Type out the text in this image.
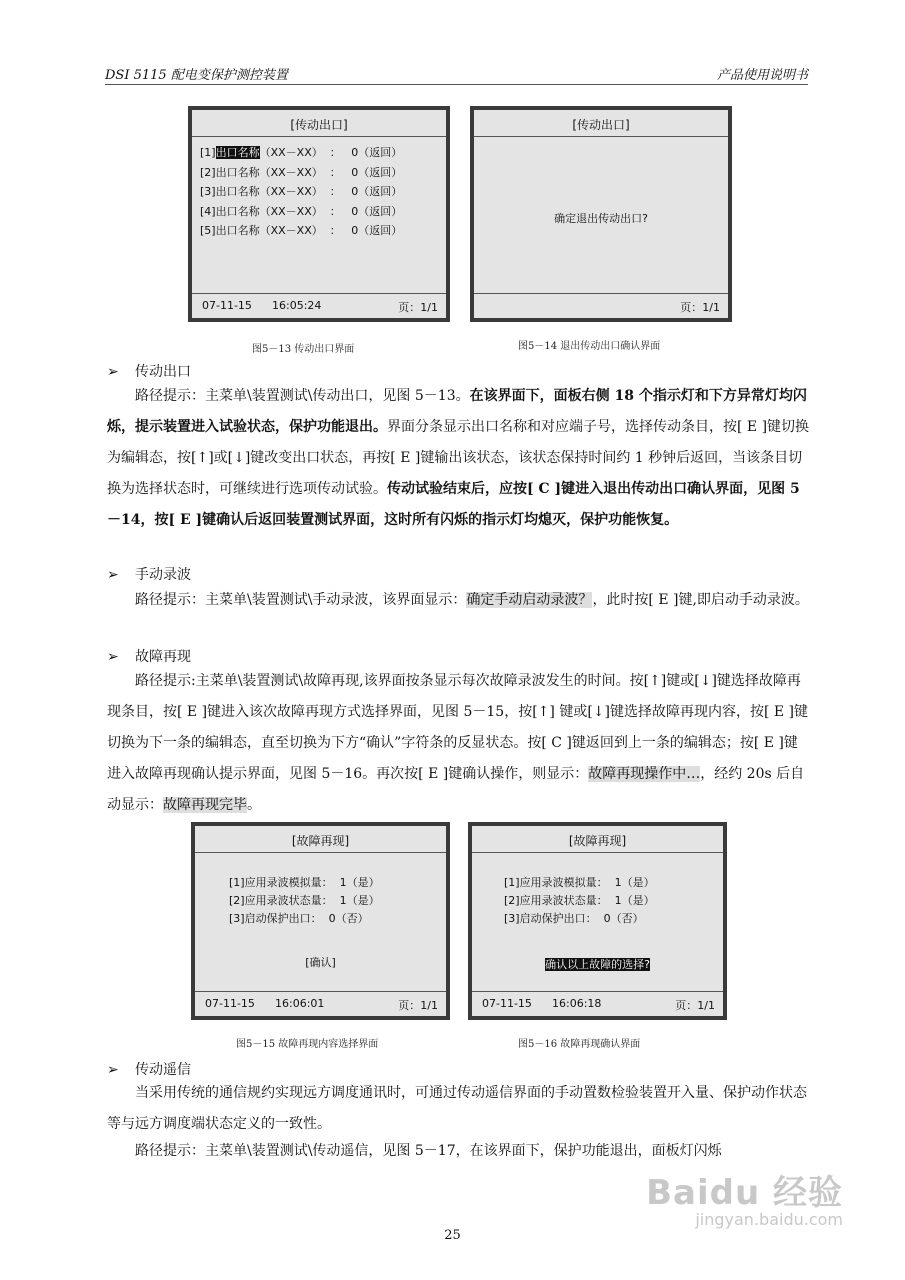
DSI 5115 配电变保护测控装置	产品使用说明书
[传动出口]
[1]出口名称（XX－XX）  ：   0（返回）
[2]出口名称（XX－XX）  ：   0（返回）
[3]出口名称（XX－XX）  ：   0（返回）
[4]出口名称（XX－XX）  ：   0（返回）
[5]出口名称（XX－XX）  ：   0（返回）
07-11-15 16:05:24	页：1/1
图5－13 传动出口界面
[传动出口]
确定退出传动出口?
页：1/1
图5－14 退出传动出口确认界面
➢ 传动出口

路径提示：主菜单\装置测试\传动出口，见图 5－13。在该界面下，面板右侧 18 个指示灯和下方异常灯均闪烁，提示装置进入试验状态，保护功能退出。界面分条显示出口名称和对应端子号，选择传动条目，按[ E ]键切换为编辑态，按[↑]或[↓]键改变出口状态，再按[ E ]键输出该状态，该状态保持时间约 1 秒钟后返回，当该条目切换为选择状态时，可继续进行选项传动试验。传动试验结束后，应按[ C ]键进入退出传动出口确认界面，见图 5－14，按[ E ]键确认后返回装置测试界面，这时所有闪烁的指示灯均熄灭，保护功能恢复。

➢ 手动录波

路径提示：主菜单\装置测试\手动录波，该界面显示：确定手动启动录波？，此时按[ E ]键,即启动手动录波。

➢ 故障再现

路径提示:主菜单\装置测试\故障再现,该界面按条显示每次故障录波发生的时间。按[↑]键或[↓]键选择故障再现条目，按[ E ]键进入该次故障再现方式选择界面，见图 5－15，按[↑] 键或[↓]键选择故障再现内容，按[ E ]键切换为下一条的编辑态，直至切换为下方“确认”字符条的反显状态。按[ C ]键返回到上一条的编辑态；按[ E ]键进入故障再现确认提示界面，见图 5－16。再次按[ E ]键确认操作，则显示：故障再现操作中…，经约 20s 后自动显示：故障再现完毕。

[故障再现]
[1]应用录波模拟量：  1（是）
[2]应用录波状态量：  1（是）
[3]启动保护出口：  0（否）
[确认]
07-11-15 16:06:01	页：1/1
图5－15 故障再现内容选择界面
[故障再现]
[1]应用录波模拟量：  1（是）
[2]应用录波状态量：  1（是）
[3]启动保护出口：  0（否）
确认以上故障的选择?
07-11-15 16:06:18	页：1/1
图5－16 故障再现确认界面
➢ 传动遥信

当采用传统的通信规约实现远方调度通讯时，可通过传动遥信界面的手动置数检验装置开入量、保护动作状态等与远方调度端状态定义的一致性。

路径提示：主菜单\装置测试\传动遥信，见图 5－17，在该界面下，保护功能退出，面板灯闪烁

Baidu 经验
jingyan.baidu.com
25
